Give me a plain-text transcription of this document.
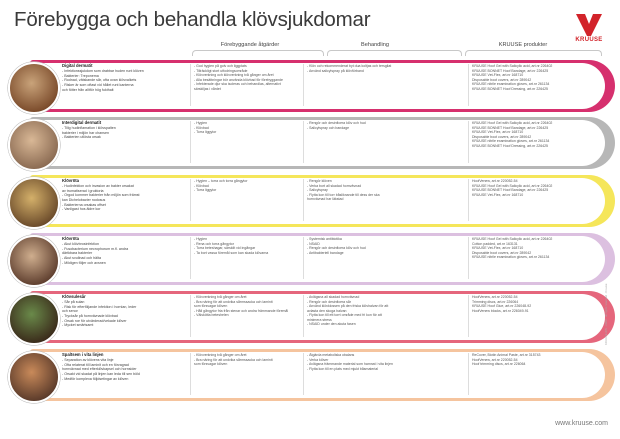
Förebygga och behandla klövsjukdomar
KRUUSE
Förebyggande åtgärder	Behandling	KRUUSE produkter
Digital dermatit
- Infektionssjukdom som drabbar huden runt klöven
- Bakterier: Treponema
- Rodnad, vätskande sår, ofta ovan klövvalkets
- Risker är som oftast vid hållet runt kanterna
och fötter från alltför hög fukthalt
- God hygien på golv och liggplats
- Tillräckligt stort utfodringsområde
- Klövverkning och klövverkning två gånger om året
- Alla besättningar bör använda klövbad för förebyggande
- Infekterade djur ska isoleras och behandlas, alternativt
särskiljas i vårdet
- Klöv och rekommenderat byt dua koltjas och tersgilat
- Använd salicylspray på klövförband
KRUUSE Hoof Gel with Salicylic acid, art.nr 226402
KRUUSE BONNET Hoof Bandage, art.nr 226425
KRUUSE Vet-Flex, art.nr 168710
Disposable boot covers, art.nr 289042
KRUUSE nitrile examination gloves, art.nr 261134
KRUUSE BONNET Hoof Dressing, art.nr 226425
Interdigital dermatit
- Tillg hudinflamation i klövspalten
bakterier i miljön har chansen
- Bakterien utlösta orsak
- Hygien
- Klövbad
- Torra liggytor
- Rengör och desinficera klöv och hud
- Salicylspray och bandage
KRUUSE Hoof Gel with Salicylic acid, art.nr 226402
KRUUSE BONNET Hoof Bandage, art.nr 226425
KRUUSE Vet-Flex, art.nr 168710
Disposable boot covers, art.nr 289042
KRUUSE nitrile examination gloves, art.nr 261134
KRUUSE BONNET Hoof Dressing, art.nr 226425
Klövröta
- Hudinfektion och invasion av bakter orsakat
av trumatiserad i gruktoria
- Orgod kommer bakterier från miljön som främst
kan Dichelobacter nodosus
- Bakterierna orsakas offset
- Vanligast hos äldre kor
- Hygien – torra och torra gångytor
- Klövbad
- Torra liggytor
- Rengör klöven
- Verka bort all skadad hornvävnad
- Salicylspray
- Flytta kon till torr båsliknande till dess der ska
hornvävnad har läkstad
HoofVenew, art.nr 220052-54
KRUUSE Hoof Gel with Salicylic acid, art.nr 226402
KRUUSE BONNET Hoof Bandage, art.nr 226425
KRUUSE Vet-Flex, art.nr 168710
Klövröta
- Akut klövbrosinfektion
- Fusobacterium necrophorum m.fl. andra
därtkbara bakterier
- Akut svullnad och hälta
- Mildigen följer och avsnen
- Hygien
- Rena och torra gångytor
- Torra beteshagar, särskilt vid ingångar
- Ta bort vassa föremål som kan skada klövarna
- Systemisk antibiotika
- NSAID
- Rengör och desinficera klöv och hud
- Antibakteriell bandage
KRUUSE Hoof Gel with Salicylic acid, art.nr 226402
Cotton padded, art.nr 163131
KRUUSE Vet-Flex, art.nr 168710
Disposable boot covers, art.nr 289042
KRUUSE nitrile examination gloves, art.nr 261134
Klövsulesår
- Sår på sulan
- Risk för efterföljande infektion i hornlan, leder
och senor
- Trycksår på hornvävnade klövbad
- Orsak roe för utvärderad/vekade klöver
- Mycket smärtsamt
- Klövverkning två gånger om året
- Bra näring för att undvika sårmssacka och laminit
som försvagar klöven
- Håll gångytor fria från stenar och andra främmande föremål
- Välskötta beteshelen
- Avlägsna all skadad hornvävnad
- Rengör och desinficera sår
- Använd klövklossen på den friska klövhalvan för att
avlasta den skoga halvan
- Flytta kon till ett torrt område med fri kon för att
minimera stress
- NSAID under den akuta fasen
HoofVenew, art.nr 220052-54
Trimming discs, art.nr 226064
KRUUSE Hoof Glue, art.nr 226048-92
HoofVenew blocks, art.nr 226049-91
Spaltsem i vita linjen
- Separation av klövens vita linje
- Ofta relaterat till laminit och en förvagrad
hornvävnad med efterklövkapsel och hornsider
- Orsakt vid skadat på linjen kan leda till sen böld
- Medför komplexa följdsetingar av klöven
- Klövverkning två gånger om året
- Bra näring för att undvika sårmssacka och laminit
som försvagar klöven
- Åtgärda metaboliska obalans
- Verka klöver
- Avlägsna främmande material som hamnat i vita linjen
- Flytta kon till en plats med mjukt båsmaterial
ReCover, Biotin Animal Paste, art.nr 315743
HoofVenew, art.nr 220052-54
Hoof trimming discs, art.nr 226064
www.kruuse.com
KRUUSE A/S · 2023 · all rights reserved · Kruuse
